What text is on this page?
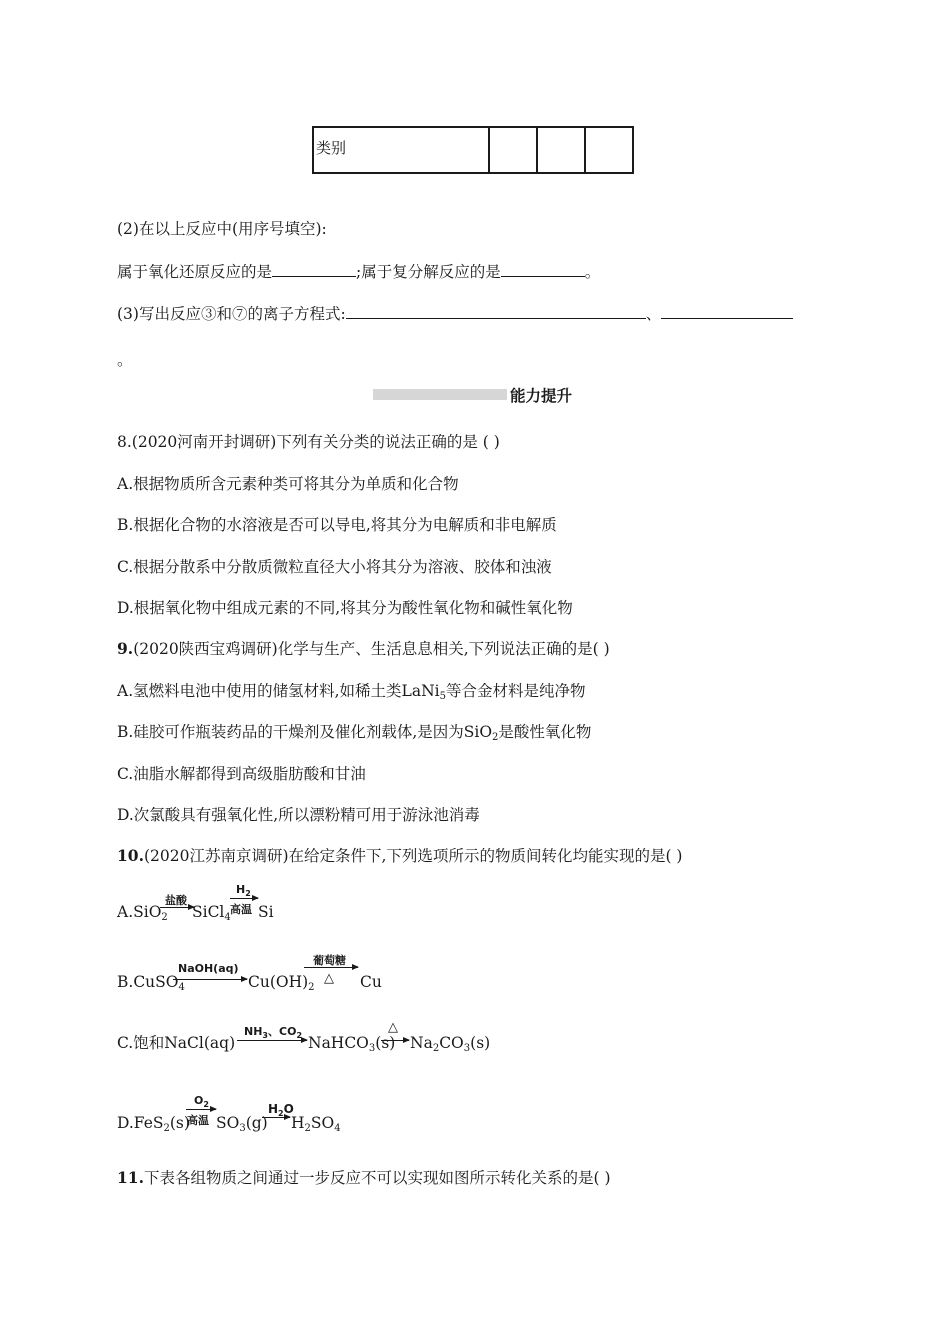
类别			
(2)在以上反应中(用序号填空):
属于氧化还原反应的是	;属于复分解反应的是	。
(3)写出反应③和⑦的离子方程式:	、
。
能力提升
8.(2020河南开封调研)下列有关分类的说法正确的是 ( )
A.根据物质所含元素种类可将其分为单质和化合物
B.根据化合物的水溶液是否可以导电,将其分为电解质和非电解质
C.根据分散系中分散质微粒直径大小将其分为溶液、胶体和浊液
D.根据氧化物中组成元素的不同,将其分为酸性氧化物和碱性氧化物
9.(2020陕西宝鸡调研)化学与生产、生活息息相关,下列说法正确的是( )
A.氢燃料电池中使用的储氢材料,如稀土类LaNi$_5$等合金材料是纯净物
B.硅胶可作瓶装药品的干燥剂及催化剂载体,是因为SiO$_2$是酸性氧化物
C.油脂水解都得到高级脂肪酸和甘油
D.次氯酸具有强氧化性,所以漂粉精可用于游泳池消毒
10.(2020江苏南京调研)在给定条件下,下列选项所示的物质间转化均能实现的是( )
A.SiO$_2$
盐酸
SiCl$_4$
$H_2$
高温 Si
B.CuSO$_4$
NaOH(aq)
$Cu(OH)_2$
葡萄糖
△ Cu
C.饱和NaCl(aq)
$NH_3$、$CO_2$ NaHCO$_3$(s)
△
→ $Na_2CO_3(s)$
D.FeS$_2$(s)
$O_2$
高温 $SO_3(g)$
$H_2O$
→ $H_2SO_4$
11.下表各组物质之间通过一步反应不可以实现如图所示转化关系的是( )
